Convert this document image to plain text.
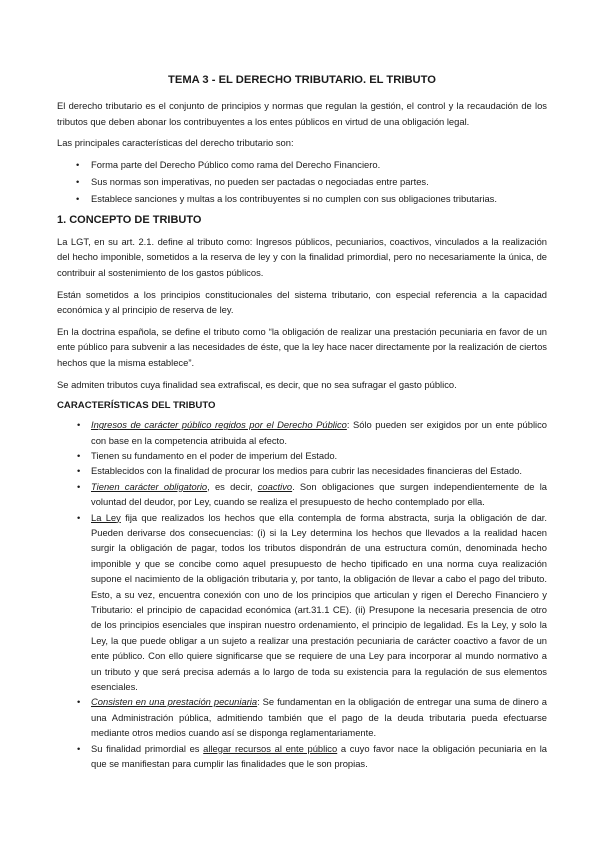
TEMA 3 - EL DERECHO TRIBUTARIO. EL TRIBUTO

El derecho tributario es el conjunto de principios y normas que regulan la gestión, el control y la recaudación de los tributos que deben abonar los contribuyentes a los entes públicos en virtud de una obligación legal.

Las principales características del derecho tributario son:

• Forma parte del Derecho Público como rama del Derecho Financiero.
• Sus normas son imperativas, no pueden ser pactadas o negociadas entre partes.
• Establece sanciones y multas a los contribuyentes si no cumplen con sus obligaciones tributarias.
1. CONCEPTO DE TRIBUTO

La LGT, en su art. 2.1. define al tributo como: Ingresos públicos, pecuniarios, coactivos, vinculados a la realización del hecho imponible, sometidos a la reserva de ley y con la finalidad primordial, pero no necesariamente la única, de contribuir al sostenimiento de los gastos públicos.

Están sometidos a los principios constitucionales del sistema tributario, con especial referencia a la capacidad económica y al principio de reserva de ley.

En la doctrina española, se define el tributo como “la obligación de realizar una prestación pecuniaria en favor de un ente público para subvenir a las necesidades de éste, que la ley hace nacer directamente por la realización de ciertos hechos que la misma establece”.

Se admiten tributos cuya finalidad sea extrafiscal, es decir, que no sea sufragar el gasto público.

CARACTERÍSTICAS DEL TRIBUTO
• Ingresos de carácter público regidos por el Derecho Público: Sólo pueden ser exigidos por un ente público con base en la competencia atribuida al efecto.
• Tienen su fundamento en el poder de imperium del Estado.
• Establecidos con la finalidad de procurar los medios para cubrir las necesidades financieras del Estado.
• Tienen carácter obligatorio, es decir, coactivo. Son obligaciones que surgen independientemente de la voluntad del deudor, por Ley, cuando se realiza el presupuesto de hecho contemplado por ella.
• La Ley fija que realizados los hechos que ella contempla de forma abstracta, surja la obligación de dar. Pueden derivarse dos consecuencias: (i) si la Ley determina los hechos que llevados a la realidad hacen surgir la obligación de pagar, todos los tributos dispondrán de una estructura común, denominada hecho imponible y que se concibe como aquel presupuesto de hecho tipificado en una norma cuya realización supone el nacimiento de la obligación tributaria y, por tanto, la obligación de llevar a cabo el pago del tributo. Esto, a su vez, encuentra conexión con uno de los principios que articulan y rigen el Derecho Financiero y Tributario: el principio de capacidad económica (art.31.1 CE). (ii) Presupone la necesaria presencia de otro de los principios esenciales que inspiran nuestro ordenamiento, el principio de legalidad. Es la Ley, y solo la Ley, la que puede obligar a un sujeto a realizar una prestación pecuniaria de carácter coactivo a favor de un ente público. Con ello quiere significarse que se requiere de una Ley para incorporar al mundo normativo a un tributo y que será precisa además a lo largo de toda su existencia para la regulación de sus elementos esenciales.
• Consisten en una prestación pecuniaria: Se fundamentan en la obligación de entregar una suma de dinero a una Administración pública, admitiendo también que el pago de la deuda tributaria pueda efectuarse mediante otros medios cuando así se disponga reglamentariamente.
• Su finalidad primordial es allegar recursos al ente público a cuyo favor nace la obligación pecuniaria en la que se manifiestan para cumplir las finalidades que le son propias.
